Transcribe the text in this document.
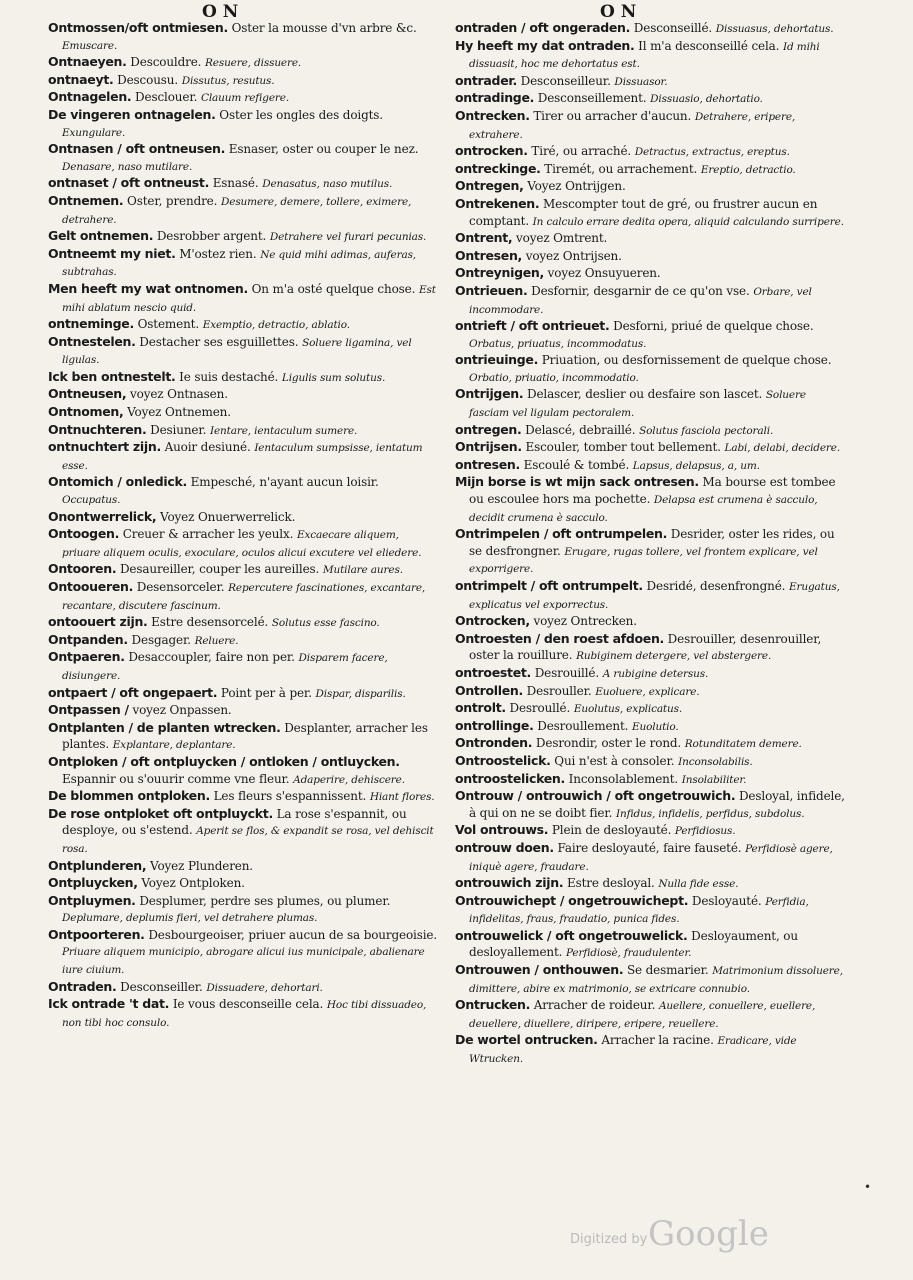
O N	O N

Ontmossen/oft ontmiesen. Oster la mousse d'vn arbre &c. Emuscare.

Ontnaeyen. Descouldre. Resuere, dissuere.

ontnaeyt. Descousu. Dissutus, resutus.

Ontnagelen. Desclouer. Clauum refigere.

De vingeren ontnagelen. Oster les ongles des doigts. Exungulare.

Ontnasen / oft ontneusen. Esnaser, oster ou couper le nez. Denasare, naso mutilare.

ontnaset / oft ontneust. Esnasé. Denasatus, naso mutilus.

Ontnemen. Oster, prendre. Desumere, demere, tollere, eximere, detrahere.

Gelt ontnemen. Desrobber argent. Detrahere vel furari pecunias.

Ontneemt my niet. M'ostez rien. Ne quid mihi adimas, auferas, subtrahas.

Men heeft my wat ontnomen. On m'a osté quelque chose. Est mihi ablatum nescio quid.

ontneminge. Ostement. Exemptio, detractio, ablatio.

Ontnestelen. Destacher ses esguillettes. Soluere ligamina, vel ligulas.

Ick ben ontnestelt. Ie suis destaché. Ligulis sum solutus.

Ontneusen, voyez Ontnasen.

Ontnomen, Voyez Ontnemen.

Ontnuchteren. Desiuner. Ientare, ientaculum sumere.

ontnuchtert zijn. Auoir desiuné. Ientaculum sumpsisse, ientatum esse.

Ontomich / onledick. Empesché, n'ayant aucun loisir. Occupatus.

Onontwerrelick, Voyez Onuerwerrelick.

Ontoogen. Creuer & arracher les yeulx. Excaecare aliquem, priuare aliquem oculis, exoculare, oculos alicui excutere vel eliedere.

Ontooren. Desaureiller, couper les aureilles. Mutilare aures.

Ontooueren. Desensorceler. Repercutere fascinationes, excantare, recantare, discutere fascinum.

ontoouert zijn. Estre desensorcelé. Solutus esse fascino.

Ontpanden. Desgager. Reluere.

Ontpaeren. Desaccoupler, faire non per. Disparem facere, disiungere.

ontpaert / oft ongepaert. Point per à per. Dispar, disparilis.

Ontpassen / voyez Onpassen.

Ontplanten / de planten wtrecken. Desplanter, arracher les plantes. Explantare, deplantare.

Ontploken / oft ontpluycken / ontloken / ontluycken. Espannir ou s'ouurir comme vne fleur. Adaperire, dehiscere.

De blommen ontploken. Les fleurs s'espannissent. Hiant flores.

De rose ontploket oft ontpluyckt. La rose s'espannit, ou desploye, ou s'estend. Aperit se flos, & expandit se rosa, vel dehiscit rosa.

Ontplunderen, Voyez Plunderen.

Ontpluycken, Voyez Ontploken.

Ontpluymen. Desplumer, perdre ses plumes, ou plumer. Deplumare, deplumis fieri, vel detrahere plumas.

Ontpoorteren. Desbourgeoiser, priuer aucun de sa bourgeoisie. Priuare aliquem municipio, abrogare alicui ius municipale, abalienare iure ciuium.

Ontraden. Desconseiller. Dissuadere, dehortari.

Ick ontrade 't dat. Ie vous desconseille cela. Hoc tibi dissuadeo, non tibi hoc consulo.

ontraden / oft ongeraden. Desconseillé. Dissuasus, dehortatus.

Hy heeft my dat ontraden. Il m'a desconseillé cela. Id mihi dissuasit, hoc me dehortatus est.

ontrader. Desconseilleur. Dissuasor.

ontradinge. Desconseillement. Dissuasio, dehortatio.

Ontrecken. Tirer ou arracher d'aucun. Detrahere, eripere, extrahere.

ontrocken. Tiré, ou arraché. Detractus, extractus, ereptus.

ontreckinge. Tiremét, ou arrachement. Ereptio, detractio.

Ontregen, Voyez Ontrijgen.

Ontrekenen. Mescompter tout de gré, ou frustrer aucun en comptant. In calculo errare dedita opera, aliquid calculando surripere.

Ontrent, voyez Omtrent.

Ontresen, voyez Ontrijsen.

Ontreynigen, voyez Onsuyueren.

Ontrieuen. Desfornir, desgarnir de ce qu'on vse. Orbare, vel incommodare.

ontrieft / oft ontrieuet. Desforni, priué de quelque chose. Orbatus, priuatus, incommodatus.

ontrieuinge. Priuation, ou desfornissement de quelque chose. Orbatio, priuatio, incommodatio.

Ontrijgen. Delascer, deslier ou desfaire son lascet. Soluere fasciam vel ligulam pectoralem.

ontregen. Delascé, debraillé. Solutus fasciola pectorali.

Ontrijsen. Escouler, tomber tout bellement. Labi, delabi, decidere.

ontresen. Escoulé & tombé. Lapsus, delapsus, a, um.

Mijn borse is wt mijn sack ontresen. Ma bourse est tombee ou escoulee hors ma pochette. Delapsa est crumena è sacculo, decidit crumena è sacculo.

Ontrimpelen / oft ontrumpelen. Desrider, oster les rides, ou se desfrongner. Erugare, rugas tollere, vel frontem explicare, vel exporrigere.

ontrimpelt / oft ontrumpelt. Desridé, desenfrongné. Erugatus, explicatus vel exporrectus.

Ontrocken, voyez Ontrecken.

Ontroesten / den roest afdoen. Desrouiller, desenrouiller, oster la rouillure. Rubiginem detergere, vel abstergere.

ontroestet. Desrouillé. A rubigine detersus.

Ontrollen. Desrouller. Euoluere, explicare.

ontrolt. Desroullé. Euolutus, explicatus.

ontrollinge. Desroullement. Euolutio.

Ontronden. Desrondir, oster le rond. Rotunditatem demere.

Ontroostelick. Qui n'est à consoler. Inconsolabilis.

ontroostelicken. Inconsolablement. Insolabiliter.

Ontrouw / ontrouwich / oft ongetrouwich. Desloyal, infidele, à qui on ne se doibt fier. Infidus, infidelis, perfidus, subdolus.

Vol ontrouws. Plein de desloyauté. Perfidiosus.

ontrouw doen. Faire desloyauté, faire fauseté. Perfidiosè agere, iniquè agere, fraudare.

ontrouwich zijn. Estre desloyal. Nulla fide esse.

Ontrouwichept / ongetrouwichept. Desloyauté. Perfidia, infidelitas, fraus, fraudatio, punica fides.

ontrouwelick / oft ongetrouwelick. Desloyaument, ou desloyallement. Perfidiosè, fraudulenter.

Ontrouwen / onthouwen. Se desmarier. Matrimonium dissoluere, dimittere, abire ex matrimonio, se extricare connubio.

Ontrucken. Arracher de roideur. Auellere, conuellere, euellere, deuellere, diuellere, diripere, eripere, reuellere.

De wortel ontrucken. Arracher la racine. Eradicare, vide Wtrucken.

•
Digitized by Google
